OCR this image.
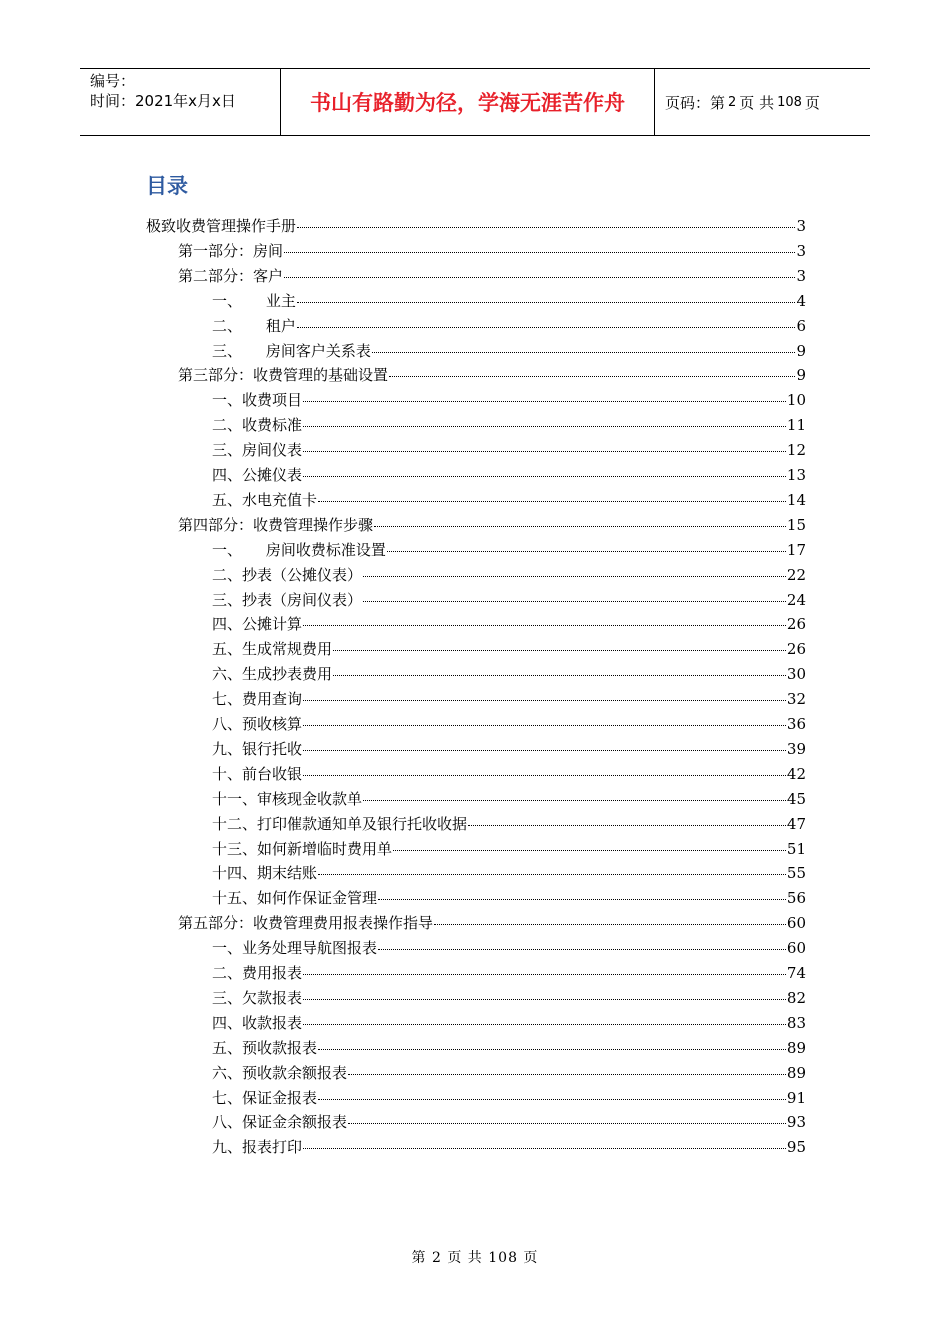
编号：
时间：2021年x月x日	书山有路勤为径，学海无涯苦作舟	页码：第 2 页 共 108 页
目录
极致收费管理操作手册	3
第一部分：房间	3
第二部分：客户	3
一、     业主	4
二、     租户	6
三、     房间客户关系表	9
第三部分：收费管理的基础设置	9
一、收费项目	10
二、收费标准	11
三、房间仪表	12
四、公摊仪表	13
五、水电充值卡	14
第四部分：收费管理操作步骤	15
一、     房间收费标准设置	17
二、抄表（公摊仪表）	22
三、抄表（房间仪表）	24
四、公摊计算	26
五、生成常规费用	26
六、生成抄表费用	30
七、费用查询	32
八、预收核算	36
九、银行托收	39
十、前台收银	42
十一、审核现金收款单	45
十二、打印催款通知单及银行托收收据	47
十三、如何新增临时费用单	51
十四、期末结账	55
十五、如何作保证金管理	56
第五部分：收费管理费用报表操作指导	60
一、业务处理导航图报表	60
二、费用报表	74
三、欠款报表	82
四、收款报表	83
五、预收款报表	89
六、预收款余额报表	89
七、保证金报表	91
八、保证金余额报表	93
九、报表打印	95
第 2 页 共 108 页
